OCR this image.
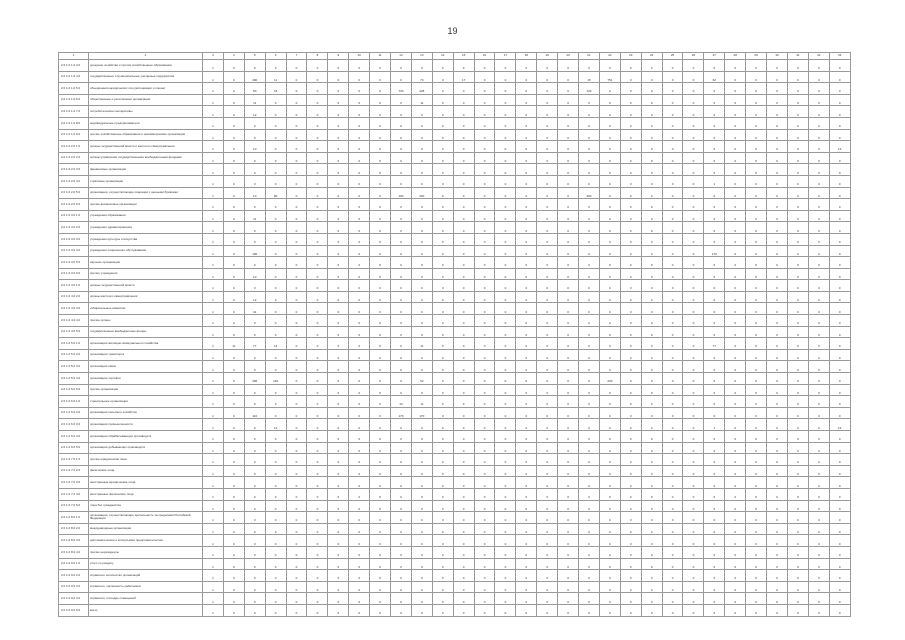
19
1	2	3	4	5	6	7	8	9	10	11	12	13	14	15	16	17	18	19	20	21	22	23	24	25	26	27	28	29	30	31	32	33
2.0 1.0 1.0 3.0	дочерние хозяйства и прочие хозяйственные образования	1	0	0	0	0	0	0	0	0	0	0	0	0	0	0	0	0	0	0	0	0	0	0	0	0	0	0	0	0	0	0
2.0 1.0 1.0 4.0	государственные и муниципальные унитарные предприятия	1	0	490	11	0	0	0	0	0	0	74	0	17	0	0	0	0	0	15	751	0	0	0	0	62	0	0	0	0	0	0
2.0 1.0 1.0 5.0	объединения юридических лиц (ассоциации и союзы)	1	0	50	16	0	0	0	0	0	720	228	0	0	0	0	0	0	0	720	0	0	0	0	0	0	0	0	0	0	0	0
2.0 1.0 1.0 6.0	общественные и религиозные организации	1	0	11	0	0	0	0	0	0	0	11	0	0	0	0	0	0	0	0	0	0	0	0	0	0	0	0	0	0	0	0
2.0 1.0 1.0 7.0	потребительские кооперативы	1	0	12	0	0	0	0	0	0	0	0	0	0	0	0	0	0	0	0	0	0	0	0	0	6	0	0	0	0	0	0
2.0 1.0 1.0 8.0	индивидуальные предприниматели	1	0	0	0	0	0	0	0	0	0	0	0	0	0	0	0	0	0	0	0	0	0	0	0	0	0	0	0	0	0	0
2.0 1.0 1.0 9.0	прочие хозяйственные образования и некоммерческие организации	1	0	0	0	0	0	0	0	0	0	0	0	0	0	0	0	0	0	0	0	0	0	0	0	0	0	0	0	0	0	0
2.0 1.0 2.0 1.0	органы государственной власти и местного самоуправления	1	0	10	0	0	0	0	0	0	0	0	0	0	0	0	0	0	0	0	0	0	0	0	0	0	0	0	0	0	0	13
2.0 1.0 2.0 2.0	органы управления государственными внебюджетными фондами	1	0	0	0	0	0	0	0	0	0	0	0	0	0	0	0	0	0	0	0	0	0	0	0	0	0	0	0	0	0	0
2.0 1.0 2.0 3.0	финансовые организации	1	0	0	0	0	0	0	0	0	0	0	0	0	0	0	0	0	0	0	0	0	0	0	0	0	0	0	0	0	0	0
2.0 1.0 2.0 4.0	страховые организации	1	0	0	0	0	0	0	0	0	0	0	0	0	0	0	0	0	0	0	0	0	0	0	0	1	0	0	0	0	0	0
2.0 1.0 2.0 5.0	организации, осуществляющие операции с ценными бумагами	1	0	10	80	0	0	0	0	0	160	200	0	0	0	0	0	0	0	300	0	0	0	0	0	0	0	0	0	0	0	0
2.0 1.0 2.0 6.0	прочие финансовые организации	1	0	0	0	0	0	0	0	0	0	0	0	0	0	0	0	0	0	0	0	0	0	0	0	0	0	0	0	0	0	0
2.0 1.0 3.0 1.0	учреждения образования	1	0	11	0	0	0	0	0	0	0	0	0	0	0	0	0	0	0	0	0	0	0	0	0	0	0	0	0	0	0	0
2.0 1.0 3.0 2.0	учреждения здравоохранения	1	0	0	0	0	0	0	0	0	0	0	0	0	0	0	0	0	0	0	0	0	0	0	0	0	0	0	0	0	0	0
2.0 1.0 3.0 3.0	учреждения культуры и искусства	1	0	0	0	0	0	0	0	0	0	0	0	0	0	0	0	0	0	0	0	0	0	0	0	0	0	0	0	0	0	0
2.0 1.0 3.0 4.0	учреждения социального обслуживания	1	0	100	0	0	0	0	0	0	0	0	0	0	0	0	0	0	0	0	0	0	0	0	0	170	0	0	0	0	0	0
2.0 1.0 3.0 5.0	научные организации	1	0	0	0	0	0	0	0	0	0	0	0	0	0	0	0	0	0	0	0	0	0	0	0	0	0	0	0	0	0	0
2.0 1.0 3.0 6.0	прочие учреждения	1	0	10	0	0	0	0	0	0	0	0	0	0	0	0	0	0	0	0	0	0	0	0	0	0	0	0	0	0	0	0
2.0 1.0 4.0 1.0	органы государственной власти	1	0	0	0	0	0	0	0	0	0	0	0	0	0	0	0	0	0	0	0	0	0	0	0	0	0	0	0	0	0	0
2.0 1.0 4.0 2.0	органы местного самоуправления	1	0	12	0	0	0	0	0	0	0	0	0	0	0	0	0	0	0	0	0	0	0	0	0	0	0	0	0	0	0	0
2.0 1.0 4.0 3.0	избирательные комиссии	1	0	41	0	0	0	0	0	0	0	0	0	0	0	0	0	0	0	0	0	0	0	0	0	0	0	0	0	0	0	0
2.0 1.0 4.0 4.0	прочие органы	1	0	0	0	0	0	0	0	0	0	0	0	0	0	0	0	0	0	0	0	0	0	0	0	0	0	0	0	0	0	0
2.0 1.0 4.0 5.0	государственные внебюджетные фонды	1	0	0	0	0	0	0	0	0	0	0	0	0	0	0	0	0	0	0	0	0	0	0	0	0	0	0	0	0	0	0
2.0 1.0 5.0 1.0	организации жилищно-коммунального хозяйства	1	11	77	14	0	0	0	0	0	0	11	0	0	0	0	0	0	0	0	0	0	0	0	0	77	0	0	0	0	0	0
2.0 1.0 5.0 2.0	организации транспорта	1	0	0	0	0	0	0	0	0	0	0	0	0	0	0	0	0	0	0	0	0	0	0	0	0	0	0	0	0	0	0
2.0 1.0 5.0 3.0	организации связи	1	0	0	0	0	0	0	0	0	0	0	0	0	0	0	0	0	0	0	0	0	0	0	0	0	0	0	0	0	0	0
2.0 1.0 5.0 4.0	организации торговли	1	0	305	140	0	0	0	0	0	0	52	0	0	0	0	0	0	0	0	230	0	0	0	0	0	0	0	0	0	0	0
2.0 1.0 5.0 5.0	прочие организации	1	0	0	0	0	0	0	0	0	0	0	0	0	0	0	0	0	0	0	0	0	0	0	0	0	0	0	0	0	0	0
2.0 1.0 6.0 1.0	строительные организации	1	0	0	0	0	0	0	0	0	10	11	0	0	0	0	0	0	0	0	0	0	0	0	0	0	0	0	0	0	0	0
2.0 1.0 6.0 2.0	организации сельского хозяйства	1	0	110	0	0	0	0	0	0	170	170	0	0	0	0	0	0	0	0	0	0	0	0	0	0	0	0	0	0	0	0
2.0 1.0 6.0 3.0	организации промышленности	1	0	0	12	0	0	0	0	0	0	0	0	0	0	0	0	0	0	0	0	0	0	0	0	1	0	0	0	0	0	13
2.0 1.0 6.0 4.0	организации обрабатывающих производств	1	0	0	0	0	0	0	0	0	0	0	0	0	0	0	0	0	0	0	0	0	0	0	0	0	0	0	0	0	0	0
2.0 1.0 6.0 5.0	организации добывающих производств	1	0	0	0	0	0	0	0	0	0	0	0	0	0	0	0	0	0	0	0	0	0	0	0	0	0	0	0	0	0	0
2.0 1.0 7.0 1.0	прочие юридические лица	1	0	0	0	0	0	0	0	0	0	0	0	0	0	0	0	0	0	0	0	0	0	0	0	0	0	0	0	0	0	0
2.0 1.0 7.0 2.0	физические лица	1	0	0	0	0	0	0	0	0	0	0	0	0	0	0	0	0	0	0	0	0	0	0	0	0	0	0	0	0	0	0
2.0 1.0 7.0 3.0	иностранные юридические лица	1	0	0	0	0	0	0	0	0	0	0	0	0	0	0	0	0	0	0	0	0	0	0	0	0	0	0	0	0	0	0
2.0 1.0 7.0 4.0	иностранные физические лица	1	0	0	0	0	0	0	0	0	0	0	0	0	0	0	0	0	0	0	0	0	0	0	0	0	0	0	0	0	0	0
2.0 1.0 7.0 5.0	лица без гражданства	1	0	0	0	0	0	0	0	0	0	0	0	0	0	0	0	0	0	0	0	0	0	0	0	0	0	0	0	0	0	0
2.0 1.0 8.0 1.0	организации, осуществляющие деятельность за пределами Российской Федерации	1	0	0	0	0	0	0	0	0	0	0	0	0	0	0	0	0	0	0	0	0	0	0	0	0	0	0	0	0	0	0
2.0 1.0 8.0 2.0	международные организации	1	0	0	0	0	0	0	0	0	0	0	0	0	0	0	0	0	0	0	0	0	0	0	0	0	0	0	0	0	0	0
2.0 1.0 8.0 3.0	дипломатические и консульские представительства	1	0	0	0	0	0	0	0	0	0	0	0	0	0	0	0	0	0	0	0	0	0	0	0	0	0	0	0	0	0	0
2.0 1.0 8.0 4.0	прочие нерезиденты	1	0	0	0	0	0	0	0	0	0	0	0	0	0	0	0	0	0	0	0	0	0	0	0	0	0	0	0	0	0	0
2.0 1.0 9.0 1.0	итого по разделу	1	0	0	0	0	0	0	0	0	0	0	0	0	0	0	0	0	0	0	0	0	0	0	0	0	0	0	0	0	0	0
2.0 1.0 9.0 2.0	справочно: количество организаций	1	0	0	0	0	0	0	0	0	0	0	0	0	0	0	0	0	0	0	0	0	0	0	0	0	0	0	0	0	0	0
2.0 1.0 9.0 3.0	справочно: численность работников	1	0	0	0	0	0	0	0	0	0	0	0	0	0	0	0	0	0	0	0	0	0	0	0	0	0	0	0	0	0	0
2.0 1.0 9.0 4.0	справочно: площадь помещений	1	0	0	0	0	0	0	0	0	0	0	0	0	0	0	0	0	0	0	0	0	0	0	0	0	0	0	0	0	0	0
2.0 1.0 9.0 5.0	всего	1	0	0	0	0	0	0	0	0	0	0	0	0	0	0	0	0	0	0	0	0	0	0	0	0	0	0	0	0	0	0
